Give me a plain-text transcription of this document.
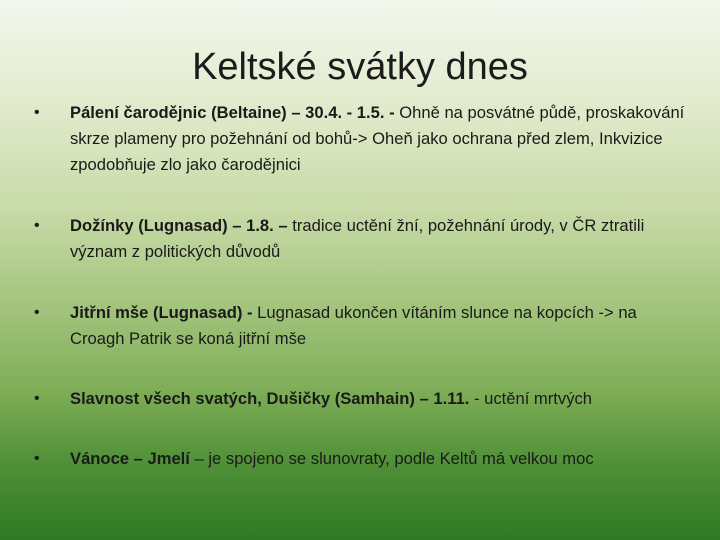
Keltské svátky dnes
•	Pálení čarodějnic (Beltaine) – 30.4. - 1.5. - Ohně na posvátné půdě, proskakování skrze plameny pro požehnání od bohů-> Oheň jako ochrana před zlem, Inkvizice zpodobňuje zlo jako čarodějnici
•	Dožínky (Lugnasad) – 1.8. – tradice uctění žní, požehnání úrody, v ČR ztratili význam z politických důvodů
•	Jitřní mše (Lugnasad) - Lugnasad ukončen vítáním slunce na kopcích -> na Croagh Patrik se koná jitřní mše
•	Slavnost všech svatých, Dušičky (Samhain) – 1.11. - uctění mrtvých
•	Vánoce – Jmelí – je spojeno se slunovraty, podle Keltů má velkou moc
